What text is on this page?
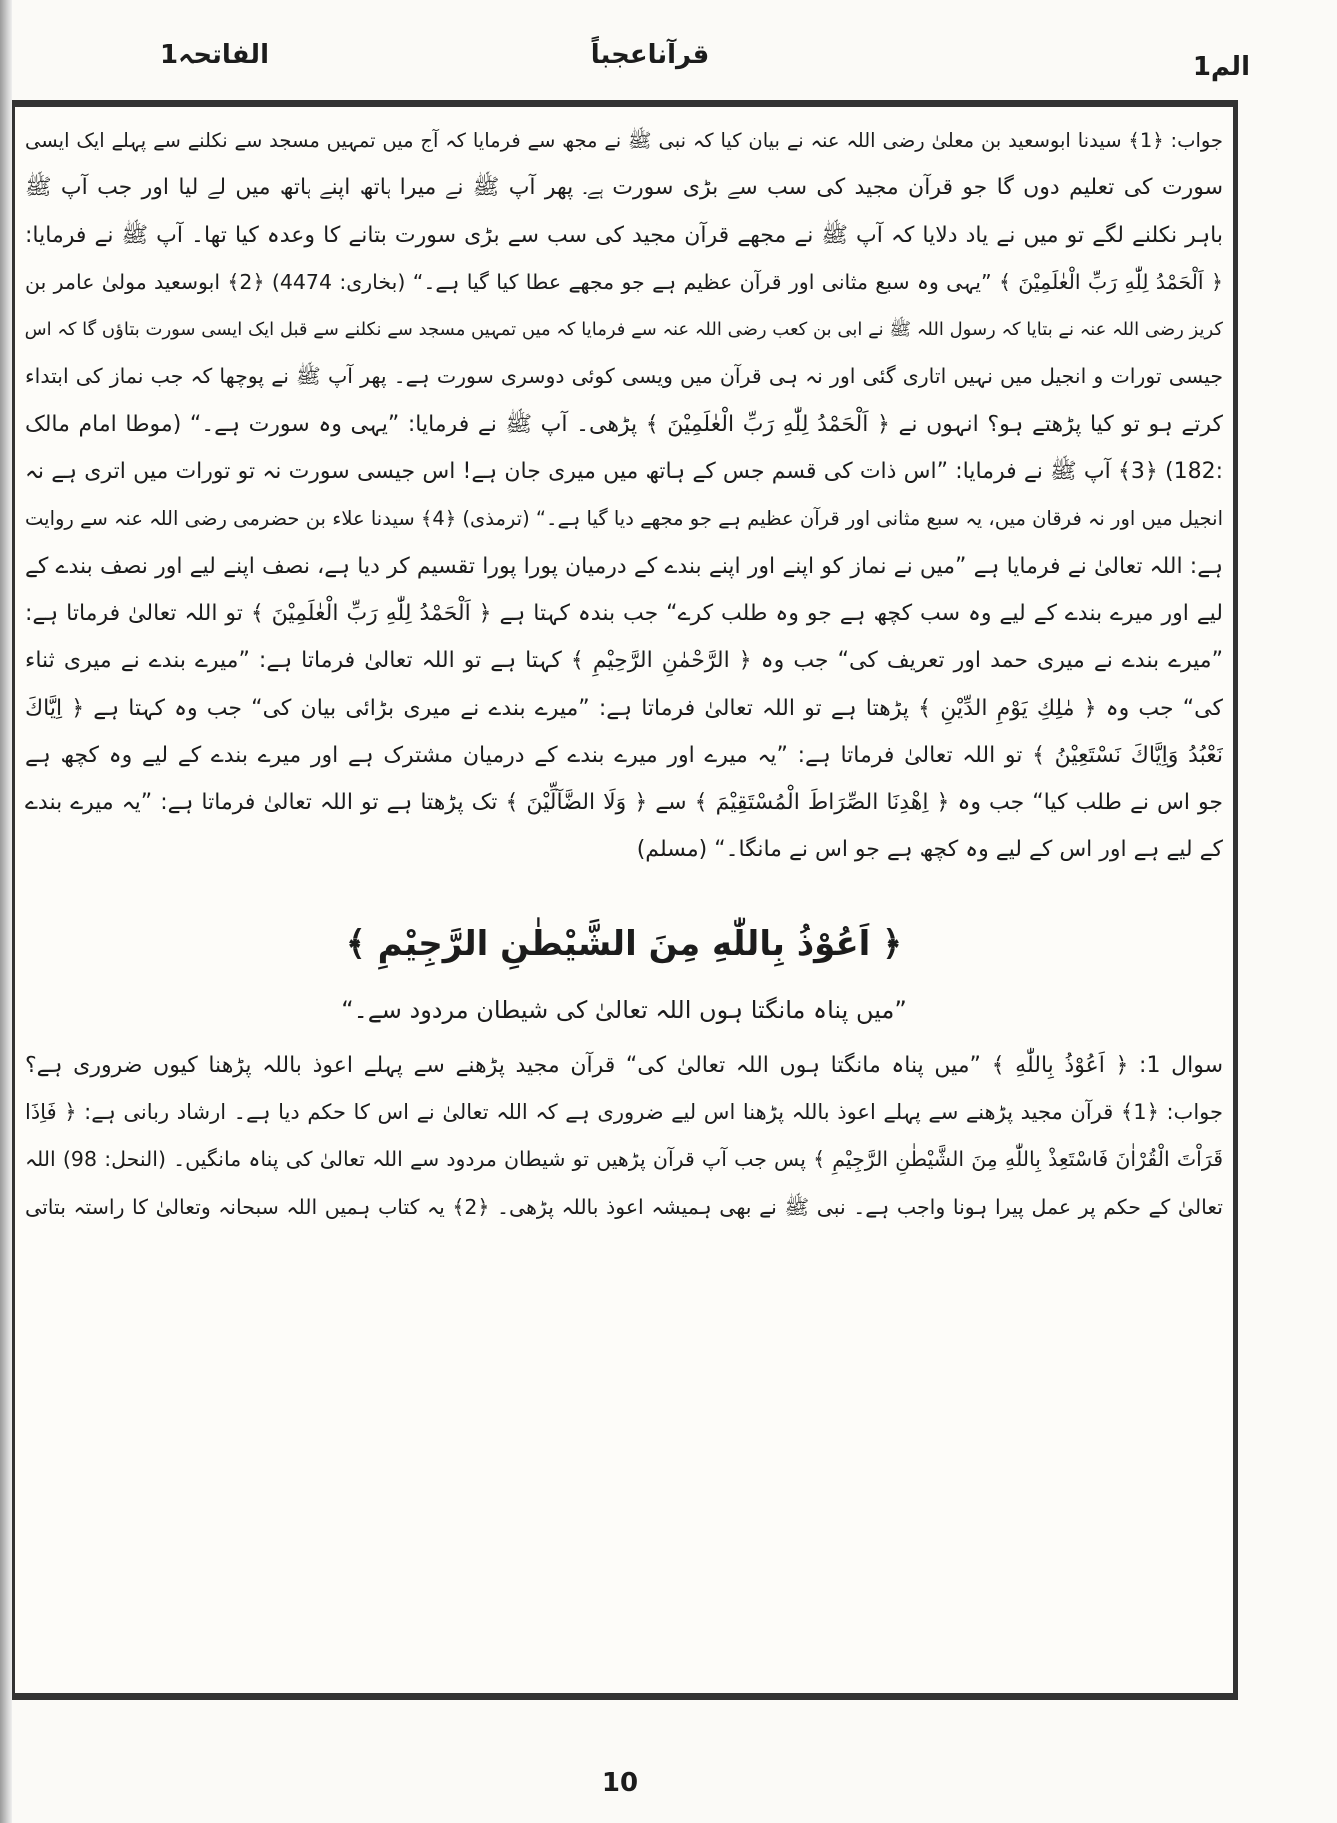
الم1
قرآناعجباً
الفاتحہ1
جواب: ﴿1﴾ سیدنا ابوسعید بن معلیٰ رضی اللہ عنہ نے بیان کیا کہ نبی ﷺ نے مجھ سے فرمایا کہ آج میں تمہیں مسجد سے نکلنے سے پہلے ایک ایسی
سورت کی تعلیم دوں گا جو قرآن مجید کی سب سے بڑی سورت ہے۔ پھر آپ ﷺ نے میرا ہاتھ اپنے ہاتھ میں لے لیا اور جب آپ ﷺ
باہر نکلنے لگے تو میں نے یاد دلایا کہ آپ ﷺ نے مجھے قرآن مجید کی سب سے بڑی سورت بتانے کا وعدہ کیا تھا۔ آپ ﷺ نے فرمایا:
﴿ اَلْحَمْدُ لِلّٰهِ رَبِّ الْعٰلَمِيْنَ ﴾ ”یہی وہ سبع مثانی اور قرآن عظیم ہے جو مجھے عطا کیا گیا ہے۔“ (بخاری: 4474) ﴿2﴾ ابوسعید مولیٰ عامر بن
کریز رضی اللہ عنہ نے بتایا کہ رسول اللہ ﷺ نے ابی بن کعب رضی اللہ عنہ سے فرمایا کہ میں تمہیں مسجد سے نکلنے سے قبل ایک ایسی سورت بتاؤں گا کہ اس
جیسی تورات و انجیل میں نہیں اتاری گئی اور نہ ہی قرآن میں ویسی کوئی دوسری سورت ہے۔ پھر آپ ﷺ نے پوچھا کہ جب نماز کی ابتداء
کرتے ہو تو کیا پڑھتے ہو؟ انہوں نے ﴿ اَلْحَمْدُ لِلّٰهِ رَبِّ الْعٰلَمِيْنَ ﴾ پڑھی۔ آپ ﷺ نے فرمایا: ”یہی وہ سورت ہے۔“ (موطا امام مالک
:182) ﴿3﴾ آپ ﷺ نے فرمایا: ”اس ذات کی قسم جس کے ہاتھ میں میری جان ہے! اس جیسی سورت نہ تو تورات میں اتری ہے نہ
انجیل میں اور نہ فرقان میں، یہ سبع مثانی اور قرآن عظیم ہے جو مجھے دیا گیا ہے۔“ (ترمذی) ﴿4﴾ سیدنا علاء بن حضرمی رضی اللہ عنہ سے روایت
ہے: اللہ تعالیٰ نے فرمایا ہے ”میں نے نماز کو اپنے اور اپنے بندے کے درمیان پورا پورا تقسیم کر دیا ہے، نصف اپنے لیے اور نصف بندے کے
لیے اور میرے بندے کے لیے وہ سب کچھ ہے جو وہ طلب کرے“ جب بندہ کہتا ہے ﴿ اَلْحَمْدُ لِلّٰهِ رَبِّ الْعٰلَمِيْنَ ﴾ تو اللہ تعالیٰ فرماتا ہے:
”میرے بندے نے میری حمد اور تعریف کی“ جب وہ ﴿ الرَّحْمٰنِ الرَّحِيْمِ ﴾ کہتا ہے تو اللہ تعالیٰ فرماتا ہے: ”میرے بندے نے میری ثناء
کی“ جب وہ ﴿ مٰلِكِ يَوْمِ الدِّيْنِ ﴾ پڑھتا ہے تو اللہ تعالیٰ فرماتا ہے: ”میرے بندے نے میری بڑائی بیان کی“ جب وہ کہتا ہے ﴿ اِيَّاكَ
نَعْبُدُ وَاِيَّاكَ نَسْتَعِيْنُ ﴾ تو اللہ تعالیٰ فرماتا ہے: ”یہ میرے اور میرے بندے کے درمیان مشترک ہے اور میرے بندے کے لیے وہ کچھ ہے
جو اس نے طلب کیا“ جب وہ ﴿ اِهْدِنَا الصِّرَاطَ الْمُسْتَقِيْمَ ﴾ سے ﴿ وَلَا الضَّآلِّيْنَ ﴾ تک پڑھتا ہے تو اللہ تعالیٰ فرماتا ہے: ”یہ میرے بندے
کے لیے ہے اور اس کے لیے وہ کچھ ہے جو اس نے مانگا۔“ (مسلم)
﴿ اَعُوْذُ بِاللّٰهِ مِنَ الشَّيْطٰنِ الرَّجِيْمِ ﴾
”میں پناہ مانگتا ہوں اللہ تعالیٰ کی شیطان مردود سے۔“
سوال 1: ﴿ اَعُوْذُ بِاللّٰهِ ﴾ ”میں پناہ مانگتا ہوں اللہ تعالیٰ کی“ قرآن مجید پڑھنے سے پہلے اعوذ باللہ پڑھنا کیوں ضروری ہے؟
جواب: ﴿1﴾ قرآن مجید پڑھنے سے پہلے اعوذ باللہ پڑھنا اس لیے ضروری ہے کہ اللہ تعالیٰ نے اس کا حکم دیا ہے۔ ارشاد ربانی ہے: ﴿ فَاِذَا
قَرَاْتَ الْقُرْاٰنَ فَاسْتَعِذْ بِاللّٰهِ مِنَ الشَّيْطٰنِ الرَّجِيْمِ ﴾ پس جب آپ قرآن پڑھیں تو شیطان مردود سے اللہ تعالیٰ کی پناہ مانگیں۔ (النحل: 98) اللہ
تعالیٰ کے حکم پر عمل پیرا ہونا واجب ہے۔ نبی ﷺ نے بھی ہمیشہ اعوذ باللہ پڑھی۔ ﴿2﴾ یہ کتاب ہمیں اللہ سبحانہ وتعالیٰ کا راستہ بتاتی
10
